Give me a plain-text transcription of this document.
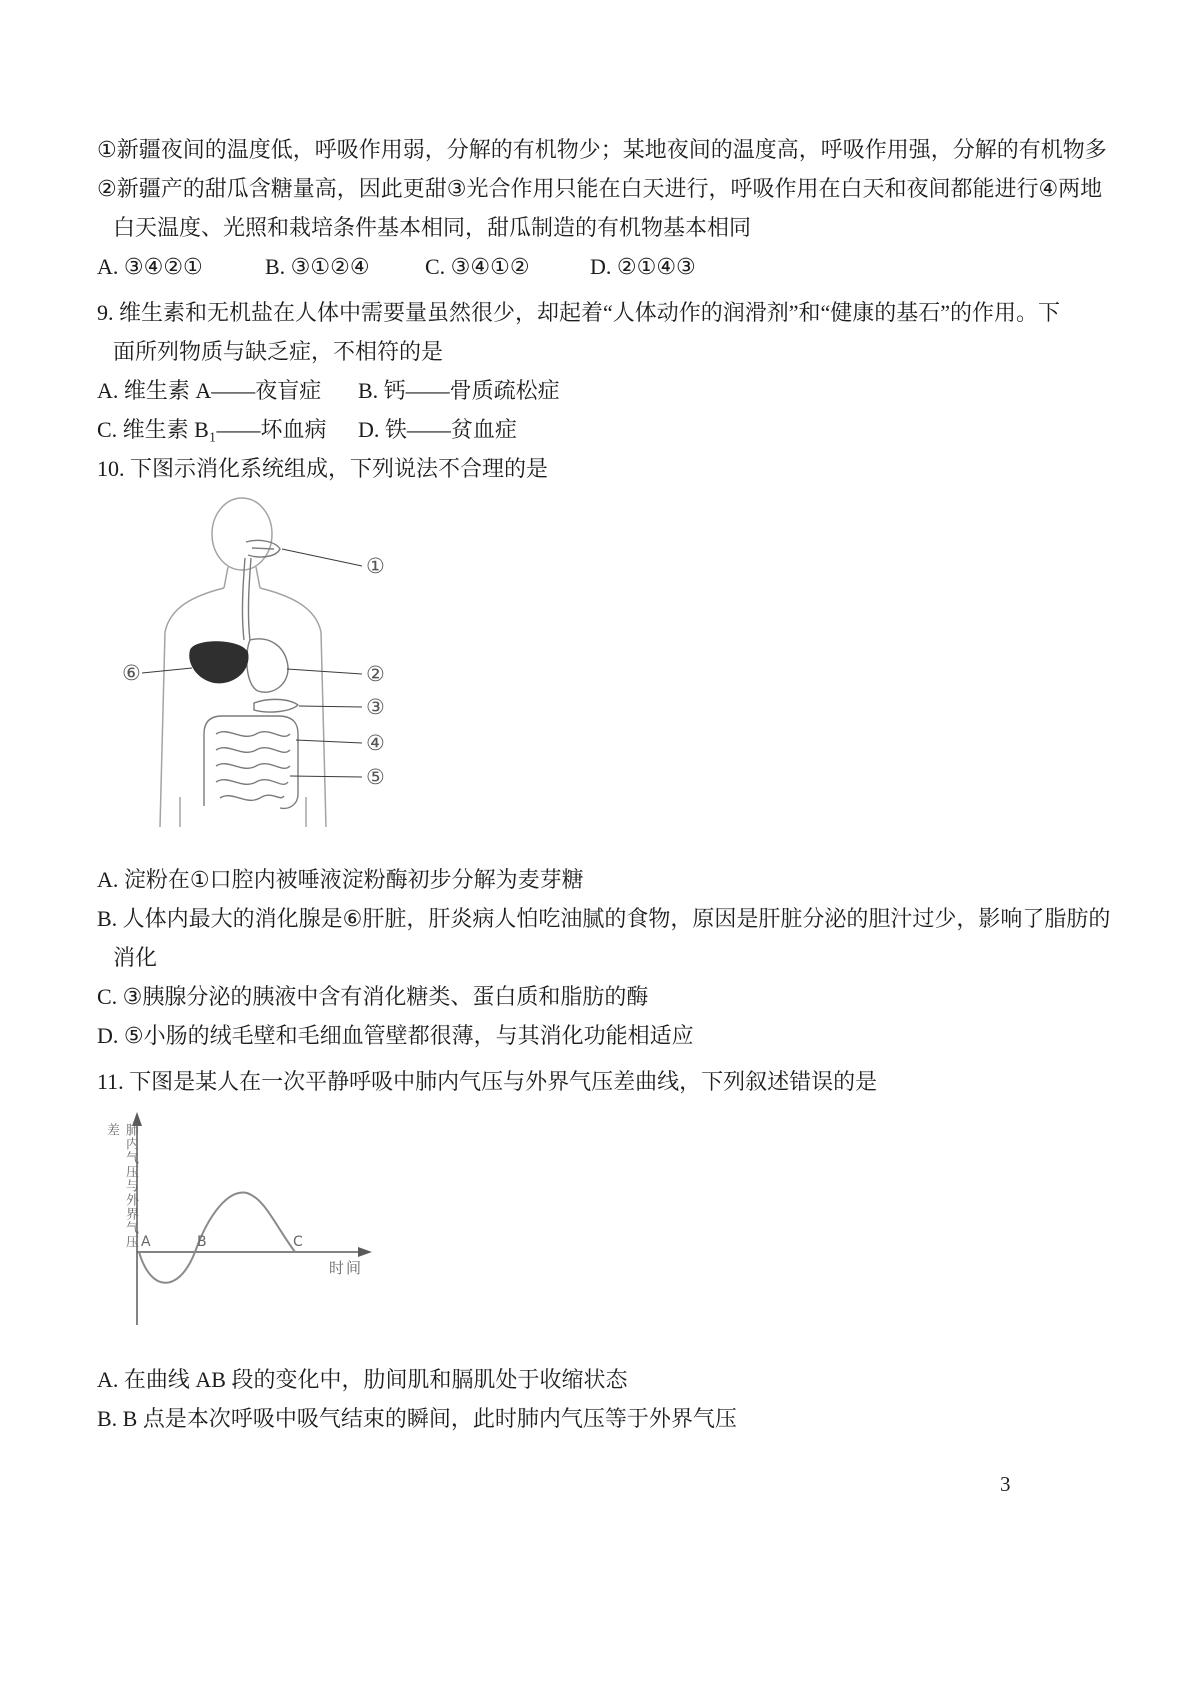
①新疆夜间的温度低，呼吸作用弱，分解的有机物少；某地夜间的温度高，呼吸作用强，分解的有机物多
②新疆产的甜瓜含糖量高，因此更甜③光合作用只能在白天进行，呼吸作用在白天和夜间都能进行④两地
白天温度、光照和栽培条件基本相同，甜瓜制造的有机物基本相同
A. ③④②①	B. ③①②④	C. ③④①②	D. ②①④③
9. 维生素和无机盐在人体中需要量虽然很少，却起着“人体动作的润滑剂”和“健康的基石”的作用。下
面所列物质与缺乏症，不相符的是
A. 维生素 A——夜盲症	B. 钙——骨质疏松症
C. 维生素 B₁——坏血病	D. 铁——贫血症
10. 下图示消化系统组成，下列说法不合理的是
①
②
③
④
⑤
⑥
A. 淀粉在①口腔内被唾液淀粉酶初步分解为麦芽糖
B. 人体内最大的消化腺是⑥肝脏，肝炎病人怕吃油腻的食物，原因是肝脏分泌的胆汁过少，影响了脂肪的
消化
C. ③胰腺分泌的胰液中含有消化糖类、蛋白质和脂肪的酶
D. ⑤小肠的绒毛壁和毛细血管壁都很薄，与其消化功能相适应
11. 下图是某人在一次平静呼吸中肺内气压与外界气压差曲线，下列叙述错误的是
肺内气压与外界气压差
时间
A	B	C
A. 在曲线 AB 段的变化中，肋间肌和膈肌处于收缩状态
B. B 点是本次呼吸中吸气结束的瞬间，此时肺内气压等于外界气压
3
